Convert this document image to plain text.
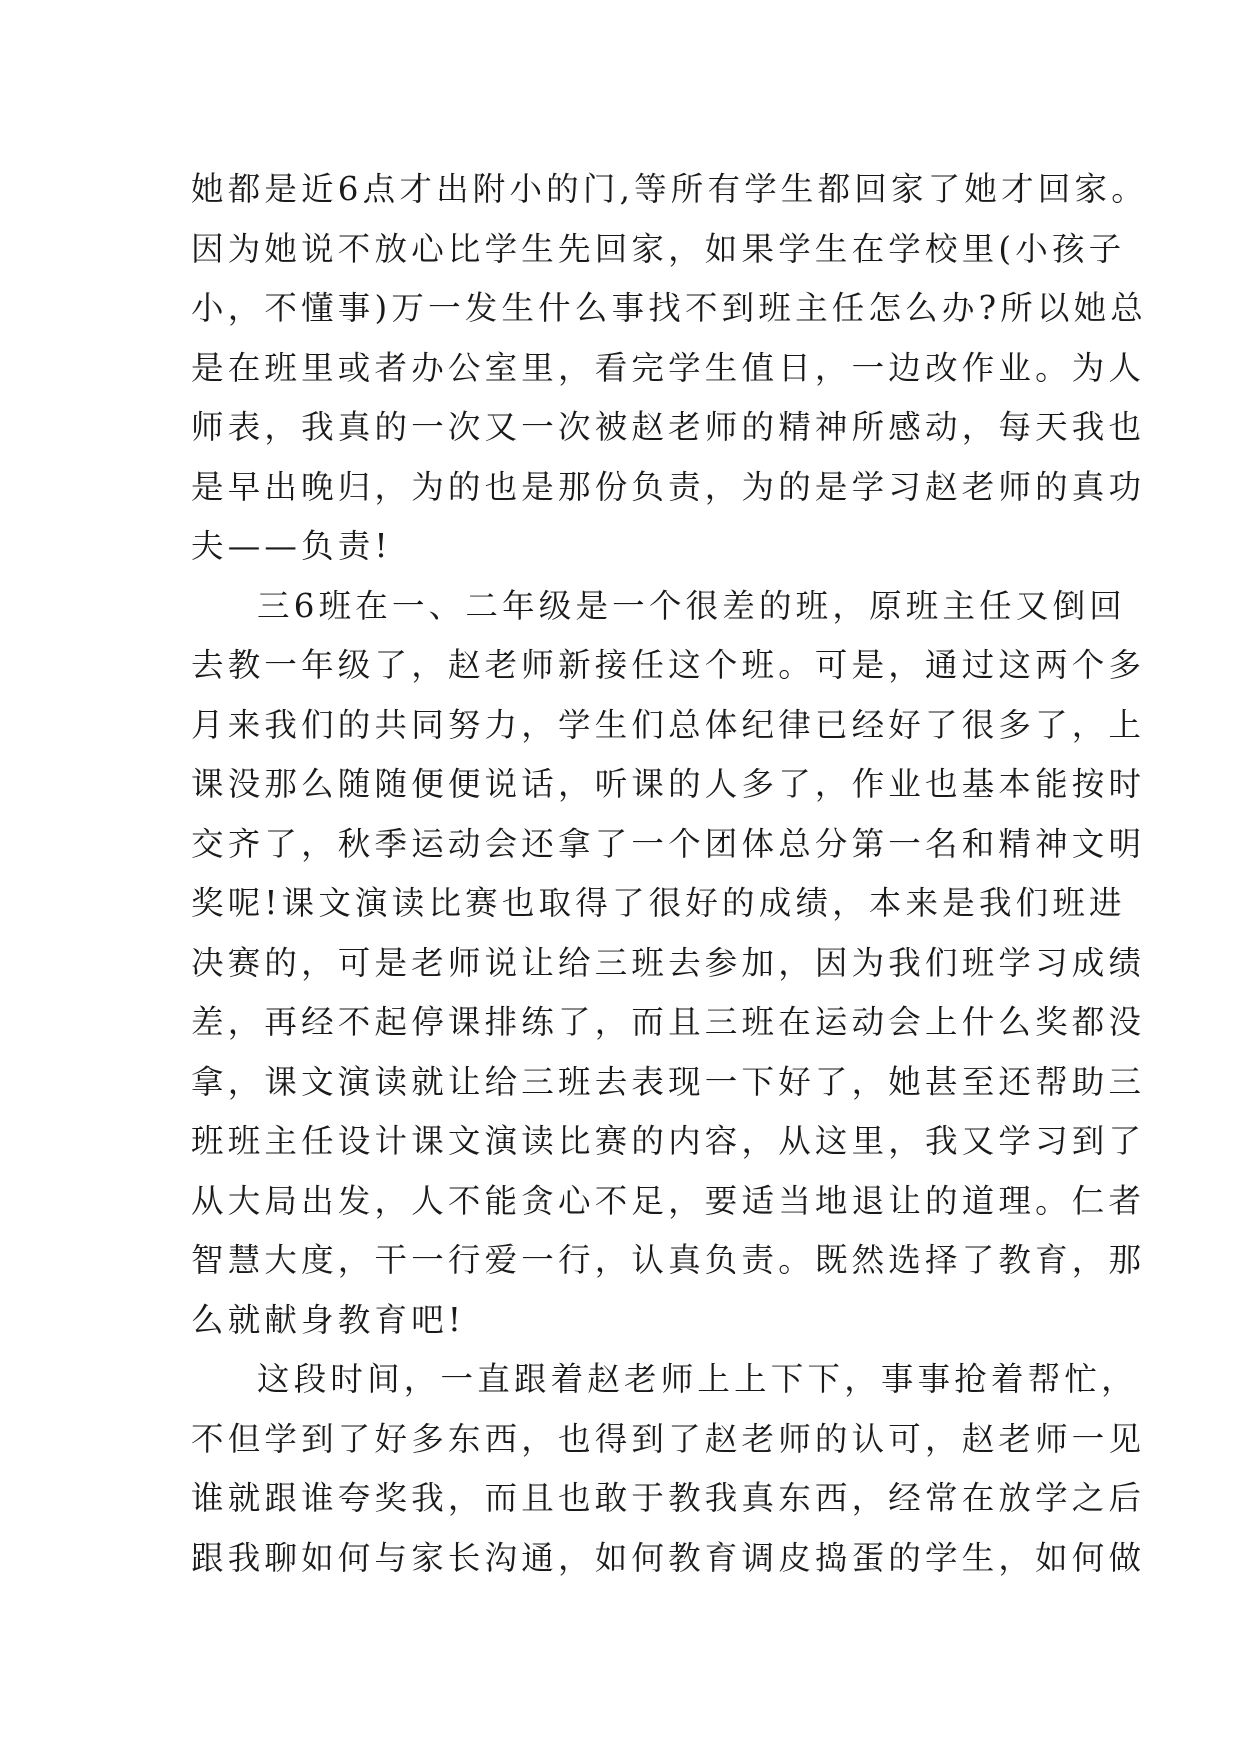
她都是近6点才出附小的门,等所有学生都回家了她才回家。
因为她说不放心比学生先回家，如果学生在学校里(小孩子
小，不懂事)万一发生什么事找不到班主任怎么办?所以她总
是在班里或者办公室里，看完学生值日，一边改作业。为人
师表，我真的一次又一次被赵老师的精神所感动，每天我也
是早出晚归，为的也是那份负责，为的是学习赵老师的真功
夫——负责!
三6班在一、二年级是一个很差的班，原班主任又倒回
去教一年级了，赵老师新接任这个班。可是，通过这两个多
月来我们的共同努力，学生们总体纪律已经好了很多了，上
课没那么随随便便说话，听课的人多了，作业也基本能按时
交齐了，秋季运动会还拿了一个团体总分第一名和精神文明
奖呢!课文演读比赛也取得了很好的成绩，本来是我们班进
决赛的，可是老师说让给三班去参加，因为我们班学习成绩
差，再经不起停课排练了，而且三班在运动会上什么奖都没
拿，课文演读就让给三班去表现一下好了，她甚至还帮助三
班班主任设计课文演读比赛的内容，从这里，我又学习到了
从大局出发，人不能贪心不足，要适当地退让的道理。仁者
智慧大度，干一行爱一行，认真负责。既然选择了教育，那
么就献身教育吧!
这段时间，一直跟着赵老师上上下下，事事抢着帮忙，
不但学到了好多东西，也得到了赵老师的认可，赵老师一见
谁就跟谁夸奖我，而且也敢于教我真东西，经常在放学之后
跟我聊如何与家长沟通，如何教育调皮捣蛋的学生，如何做
